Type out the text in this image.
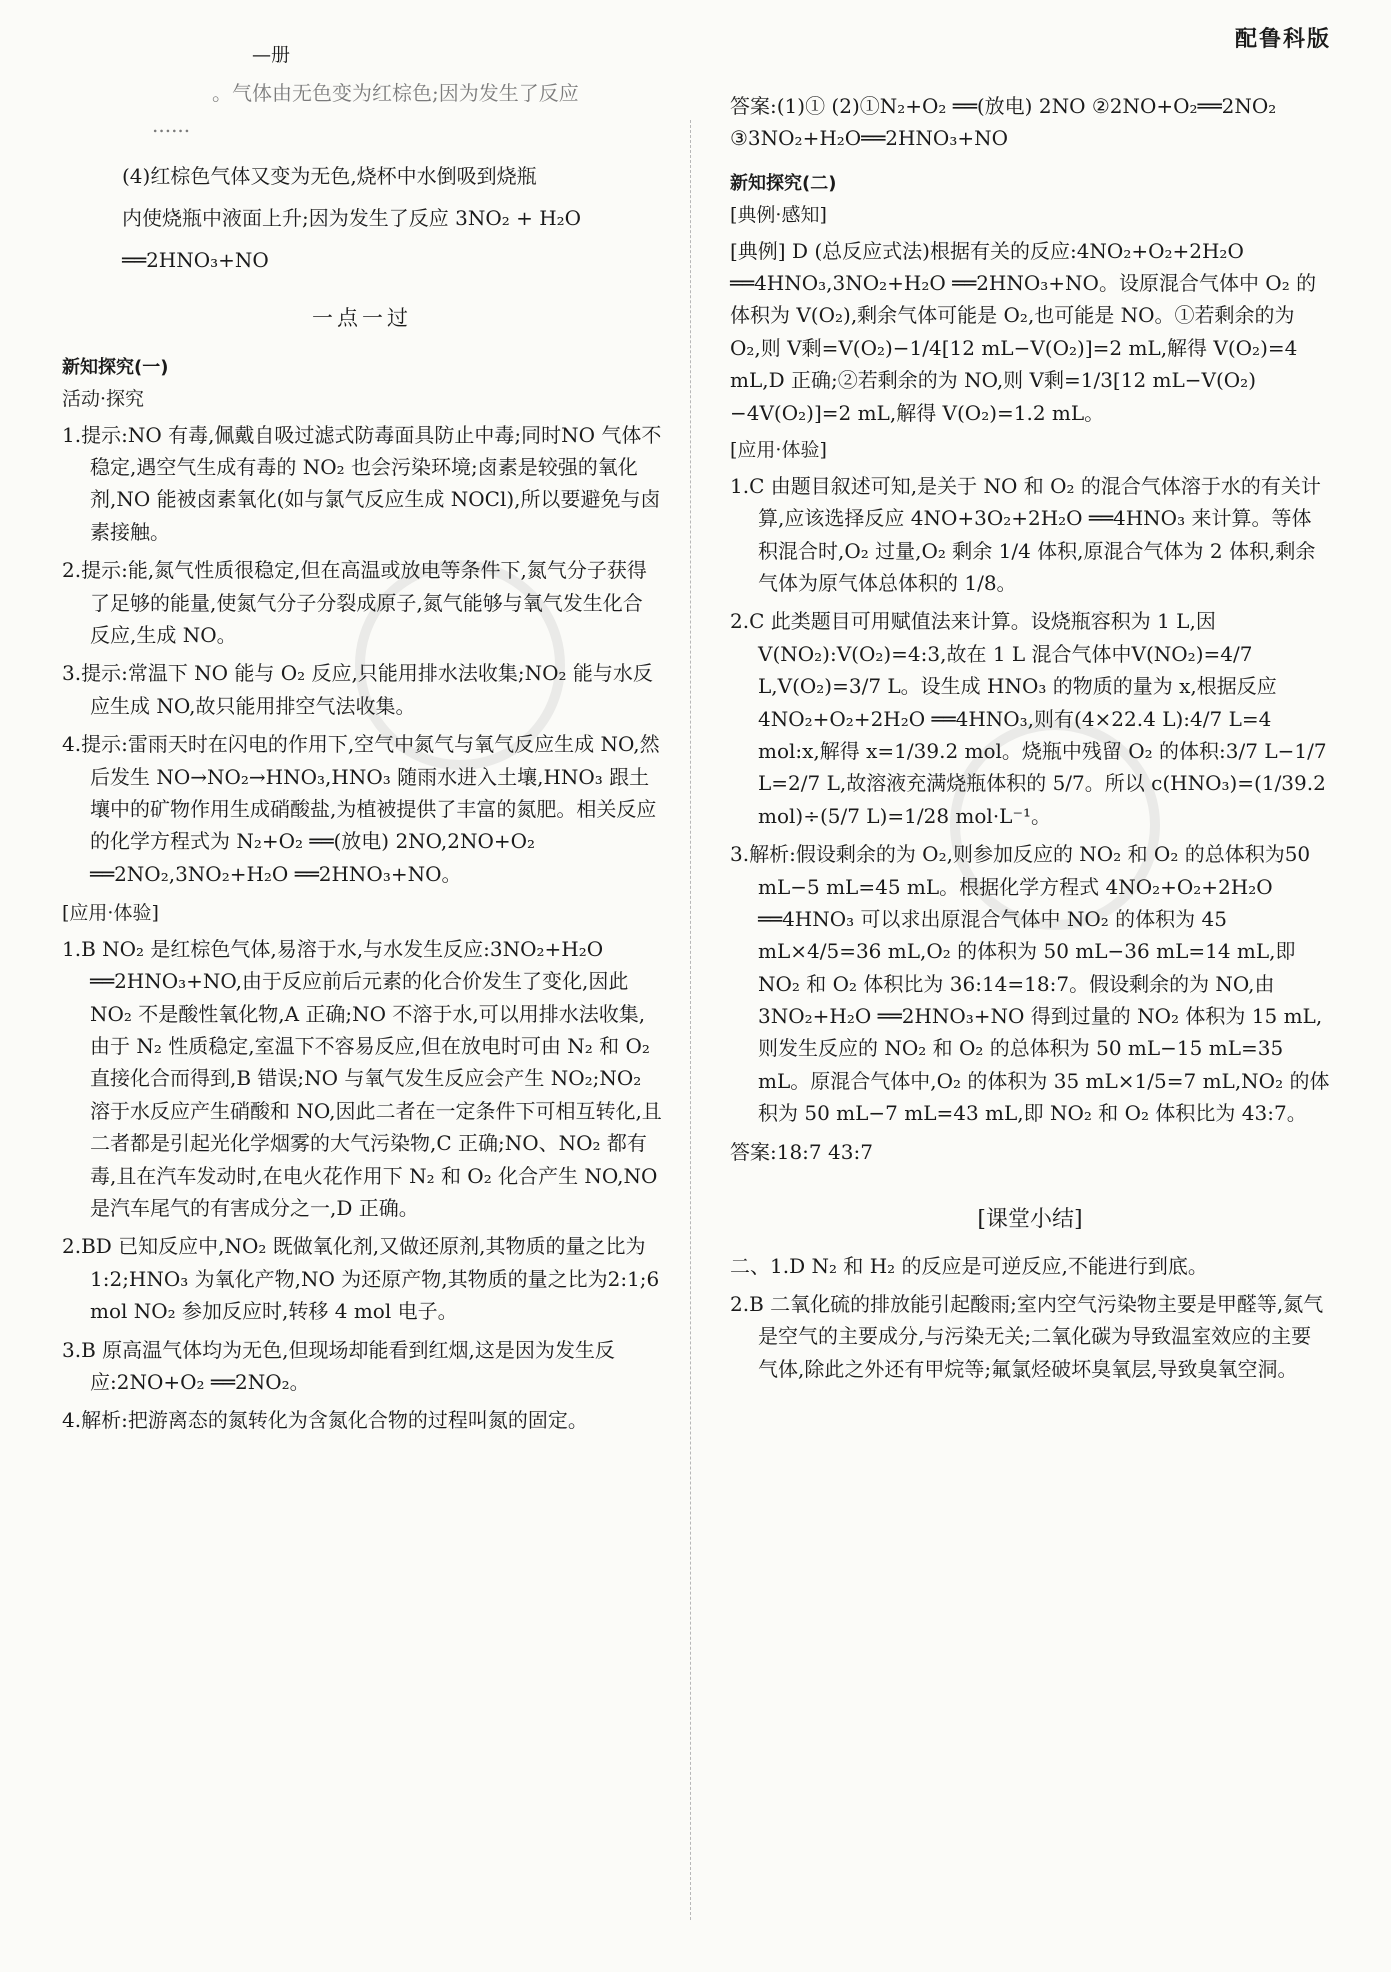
配鲁科版
—册

。气体由无色变为红棕色;因为发生了反应

......

(4)红棕色气体又变为无色,烧杯中水倒吸到烧瓶

内使烧瓶中液面上升;因为发生了反应 3NO₂ + H₂O

══2HNO₃+NO

一点一过
新知探究(一)
活动·探究

1.提示:NO 有毒,佩戴自吸过滤式防毒面具防止中毒;同时NO 气体不稳定,遇空气生成有毒的 NO₂ 也会污染环境;卤素是较强的氧化剂,NO 能被卤素氧化(如与氯气反应生成 NOCl),所以要避免与卤素接触。

2.提示:能,氮气性质很稳定,但在高温或放电等条件下,氮气分子获得了足够的能量,使氮气分子分裂成原子,氮气能够与氧气发生化合反应,生成 NO。

3.提示:常温下 NO 能与 O₂ 反应,只能用排水法收集;NO₂ 能与水反应生成 NO,故只能用排空气法收集。

4.提示:雷雨天时在闪电的作用下,空气中氮气与氧气反应生成 NO,然后发生 NO→NO₂→HNO₃,HNO₃ 随雨水进入土壤,HNO₃ 跟土壤中的矿物作用生成硝酸盐,为植被提供了丰富的氮肥。相关反应的化学方程式为 N₂+O₂ ══(放电) 2NO,2NO+O₂ ══2NO₂,3NO₂+H₂O ══2HNO₃+NO。

[应用·体验]

1.B NO₂ 是红棕色气体,易溶于水,与水发生反应:3NO₂+H₂O ══2HNO₃+NO,由于反应前后元素的化合价发生了变化,因此 NO₂ 不是酸性氧化物,A 正确;NO 不溶于水,可以用排水法收集,由于 N₂ 性质稳定,室温下不容易反应,但在放电时可由 N₂ 和 O₂ 直接化合而得到,B 错误;NO 与氧气发生反应会产生 NO₂;NO₂ 溶于水反应产生硝酸和 NO,因此二者在一定条件下可相互转化,且二者都是引起光化学烟雾的大气污染物,C 正确;NO、NO₂ 都有毒,且在汽车发动时,在电火花作用下 N₂ 和 O₂ 化合产生 NO,NO 是汽车尾气的有害成分之一,D 正确。

2.BD 已知反应中,NO₂ 既做氧化剂,又做还原剂,其物质的量之比为 1:2;HNO₃ 为氧化产物,NO 为还原产物,其物质的量之比为2:1;6 mol NO₂ 参加反应时,转移 4 mol 电子。

3.B 原高温气体均为无色,但现场却能看到红烟,这是因为发生反应:2NO+O₂ ══2NO₂。

4.解析:把游离态的氮转化为含氮化合物的过程叫氮的固定。

答案:(1)① (2)①N₂+O₂ ══(放电) 2NO ②2NO+O₂══2NO₂ ③3NO₂+H₂O══2HNO₃+NO

新知探究(二)
[典例·感知]

[典例] D (总反应式法)根据有关的反应:4NO₂+O₂+2H₂O ══4HNO₃,3NO₂+H₂O ══2HNO₃+NO。设原混合气体中 O₂ 的体积为 V(O₂),剩余气体可能是 O₂,也可能是 NO。①若剩余的为 O₂,则 V剩=V(O₂)−1/4[12 mL−V(O₂)]=2 mL,解得 V(O₂)=4 mL,D 正确;②若剩余的为 NO,则 V剩=1/3[12 mL−V(O₂)−4V(O₂)]=2 mL,解得 V(O₂)=1.2 mL。

[应用·体验]

1.C 由题目叙述可知,是关于 NO 和 O₂ 的混合气体溶于水的有关计算,应该选择反应 4NO+3O₂+2H₂O ══4HNO₃ 来计算。等体积混合时,O₂ 过量,O₂ 剩余 1/4 体积,原混合气体为 2 体积,剩余气体为原气体总体积的 1/8。

2.C 此类题目可用赋值法来计算。设烧瓶容积为 1 L,因 V(NO₂):V(O₂)=4:3,故在 1 L 混合气体中V(NO₂)=4/7 L,V(O₂)=3/7 L。设生成 HNO₃ 的物质的量为 x,根据反应 4NO₂+O₂+2H₂O ══4HNO₃,则有(4×22.4 L):4/7 L=4 mol:x,解得 x=1/39.2 mol。烧瓶中残留 O₂ 的体积:3/7 L−1/7 L=2/7 L,故溶液充满烧瓶体积的 5/7。所以 c(HNO₃)=(1/39.2 mol)÷(5/7 L)=1/28 mol·L⁻¹。

3.解析:假设剩余的为 O₂,则参加反应的 NO₂ 和 O₂ 的总体积为50 mL−5 mL=45 mL。根据化学方程式 4NO₂+O₂+2H₂O ══4HNO₃ 可以求出原混合气体中 NO₂ 的体积为 45 mL×4/5=36 mL,O₂ 的体积为 50 mL−36 mL=14 mL,即 NO₂ 和 O₂ 体积比为 36:14=18:7。假设剩余的为 NO,由 3NO₂+H₂O ══2HNO₃+NO 得到过量的 NO₂ 体积为 15 mL,则发生反应的 NO₂ 和 O₂ 的总体积为 50 mL−15 mL=35 mL。原混合气体中,O₂ 的体积为 35 mL×1/5=7 mL,NO₂ 的体积为 50 mL−7 mL=43 mL,即 NO₂ 和 O₂ 体积比为 43:7。

答案:18:7 43:7

[课堂小结]

二、1.D N₂ 和 H₂ 的反应是可逆反应,不能进行到底。

2.B 二氧化硫的排放能引起酸雨;室内空气污染物主要是甲醛等,氮气是空气的主要成分,与污染无关;二氧化碳为导致温室效应的主要气体,除此之外还有甲烷等;氟氯烃破坏臭氧层,导致臭氧空洞。
